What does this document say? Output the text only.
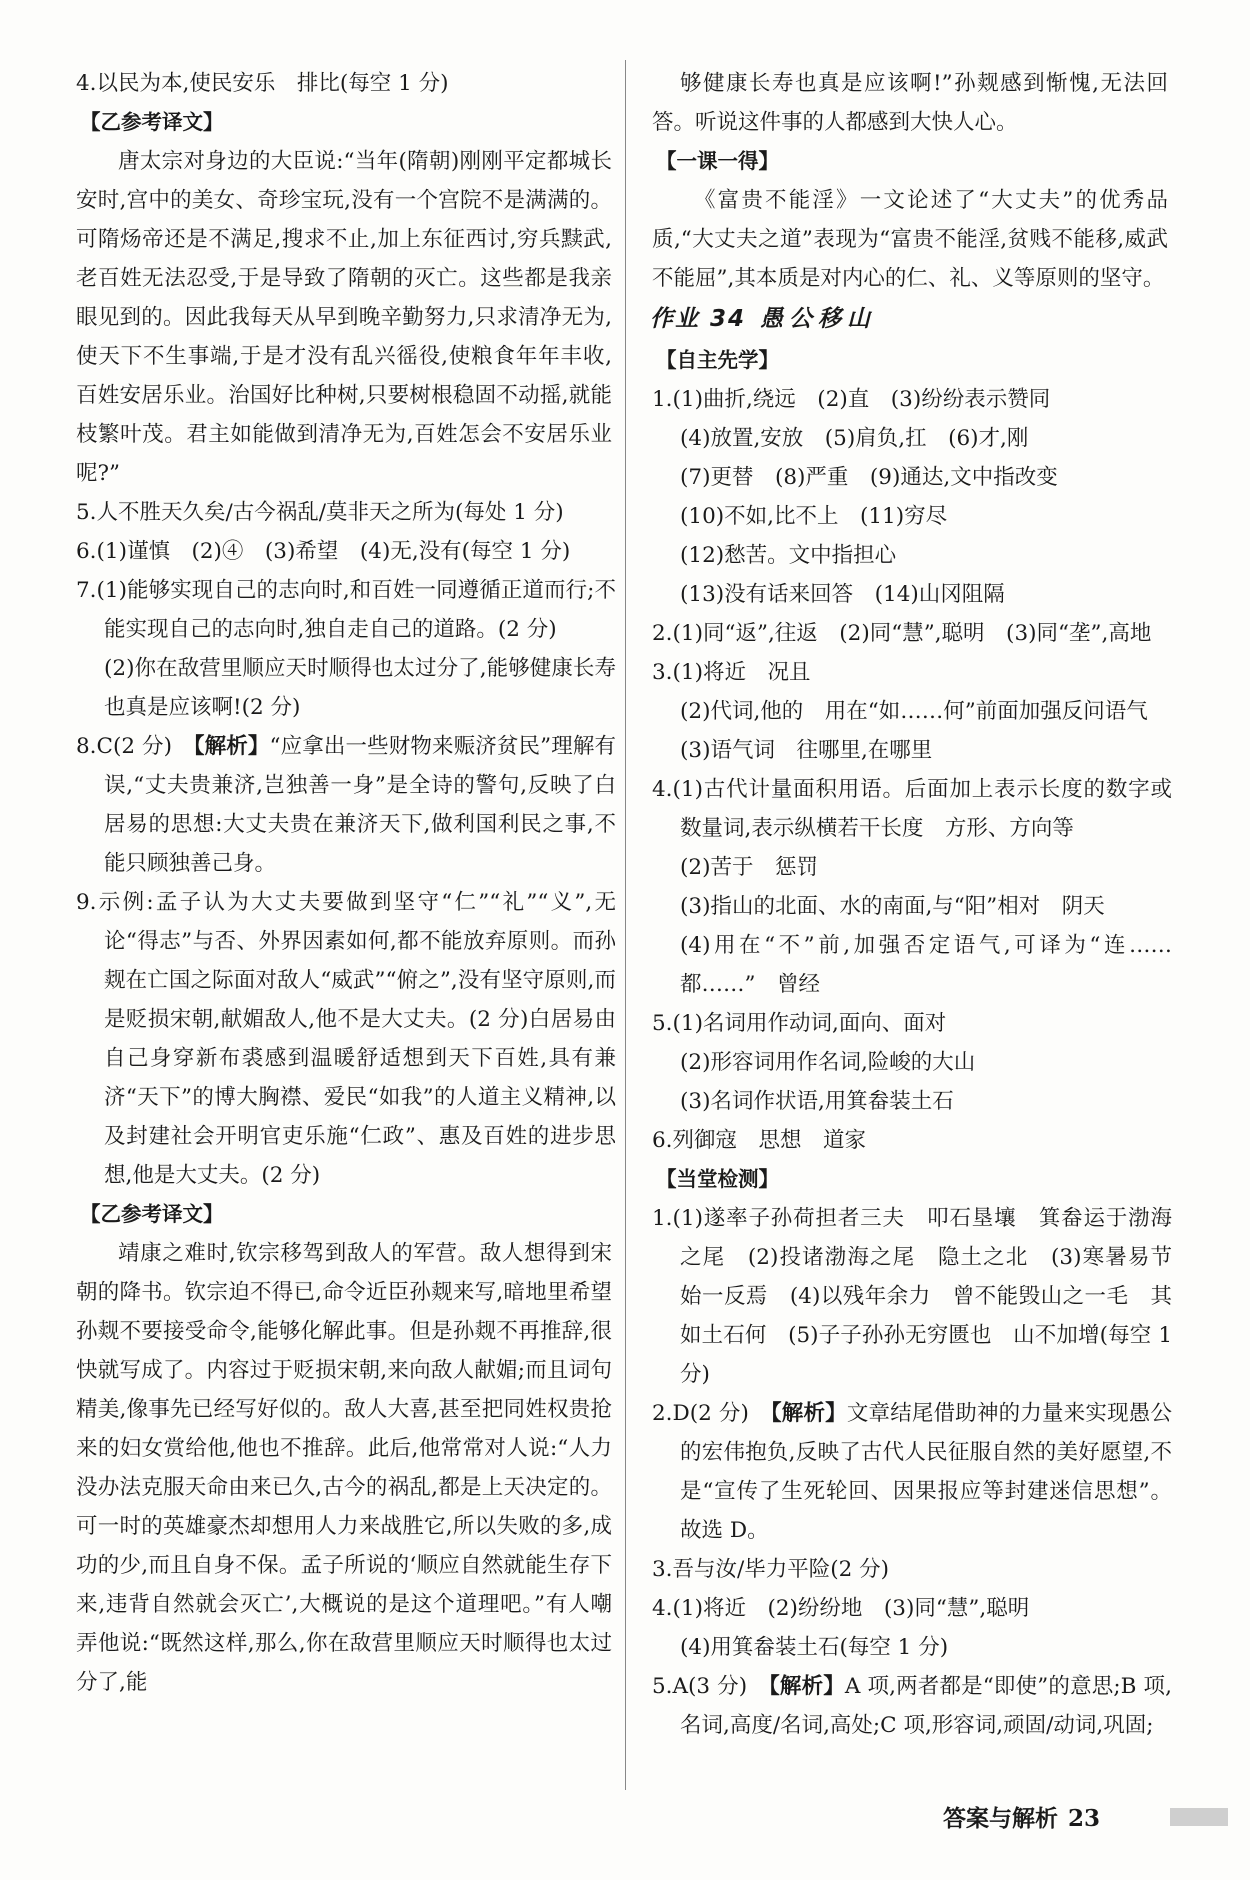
4.以民为本,使民安乐　排比(每空 1 分)

【乙参考译文】

唐太宗对身边的大臣说:“当年(隋朝)刚刚平定都城长安时,宫中的美女、奇珍宝玩,没有一个宫院不是满满的。可隋炀帝还是不满足,搜求不止,加上东征西讨,穷兵黩武,老百姓无法忍受,于是导致了隋朝的灭亡。这些都是我亲眼见到的。因此我每天从早到晚辛勤努力,只求清净无为,使天下不生事端,于是才没有乱兴徭役,使粮食年年丰收,百姓安居乐业。治国好比种树,只要树根稳固不动摇,就能枝繁叶茂。君主如能做到清净无为,百姓怎会不安居乐业呢?”

5.人不胜天久矣/古今祸乱/莫非天之所为(每处 1 分)

6.(1)谨慎　(2)④　(3)希望　(4)无,没有(每空 1 分)

7.(1)能够实现自己的志向时,和百姓一同遵循正道而行;不能实现自己的志向时,独自走自己的道路。(2 分)

(2)你在敌营里顺应天时顺得也太过分了,能够健康长寿也真是应该啊!(2 分)

8.C(2 分)　【解析】“应拿出一些财物来赈济贫民”理解有误,“丈夫贵兼济,岂独善一身”是全诗的警句,反映了白居易的思想:大丈夫贵在兼济天下,做利国利民之事,不能只顾独善己身。

9.示例:孟子认为大丈夫要做到坚守“仁”“礼”“义”,无论“得志”与否、外界因素如何,都不能放弃原则。而孙觌在亡国之际面对敌人“威武”“俯之”,没有坚守原则,而是贬损宋朝,献媚敌人,他不是大丈夫。(2 分)白居易由自己身穿新布裘感到温暖舒适想到天下百姓,具有兼济“天下”的博大胸襟、爱民“如我”的人道主义精神,以及封建社会开明官吏乐施“仁政”、惠及百姓的进步思想,他是大丈夫。(2 分)

【乙参考译文】

靖康之难时,钦宗移驾到敌人的军营。敌人想得到宋朝的降书。钦宗迫不得已,命令近臣孙觌来写,暗地里希望孙觌不要接受命令,能够化解此事。但是孙觌不再推辞,很快就写成了。内容过于贬损宋朝,来向敌人献媚;而且词句精美,像事先已经写好似的。敌人大喜,甚至把同姓权贵抢来的妇女赏给他,他也不推辞。此后,他常常对人说:“人力没办法克服天命由来已久,古今的祸乱,都是上天决定的。可一时的英雄豪杰却想用人力来战胜它,所以失败的多,成功的少,而且自身不保。孟子所说的‘顺应自然就能生存下来,违背自然就会灭亡’,大概说的是这个道理吧。”有人嘲弄他说:“既然这样,那么,你在敌营里顺应天时顺得也太过分了,能

够健康长寿也真是应该啊!”孙觌感到惭愧,无法回答。听说这件事的人都感到大快人心。

【一课一得】

《富贵不能淫》一文论述了“大丈夫”的优秀品质,“大丈夫之道”表现为“富贵不能淫,贫贱不能移,威武不能屈”,其本质是对内心的仁、礼、义等原则的坚守。

作业 34 愚公移山

【自主先学】

1.(1)曲折,绕远　(2)直　(3)纷纷表示赞同

(4)放置,安放　(5)肩负,扛　(6)才,刚

(7)更替　(8)严重　(9)通达,文中指改变

(10)不如,比不上　(11)穷尽

(12)愁苦。文中指担心

(13)没有话来回答　(14)山冈阻隔

2.(1)同“返”,往返　(2)同“慧”,聪明　(3)同“垄”,高地

3.(1)将近　况且

(2)代词,他的　用在“如……何”前面加强反问语气

(3)语气词　往哪里,在哪里

4.(1)古代计量面积用语。后面加上表示长度的数字或数量词,表示纵横若干长度　方形、方向等

(2)苦于　惩罚

(3)指山的北面、水的南面,与“阳”相对　阴天

(4)用在“不”前,加强否定语气,可译为“连……都……”　曾经

5.(1)名词用作动词,面向、面对

(2)形容词用作名词,险峻的大山

(3)名词作状语,用箕畚装土石

6.列御寇　思想　道家

【当堂检测】

1.(1)遂率子孙荷担者三夫　叩石垦壤　箕畚运于渤海之尾　(2)投诸渤海之尾　隐土之北　(3)寒暑易节　始一反焉　(4)以残年余力　曾不能毁山之一毛　其如土石何　(5)子子孙孙无穷匮也　山不加增(每空 1 分)

2.D(2 分)　【解析】文章结尾借助神的力量来实现愚公的宏伟抱负,反映了古代人民征服自然的美好愿望,不是“宣传了生死轮回、因果报应等封建迷信思想”。故选 D。

3.吾与汝/毕力平险(2 分)

4.(1)将近　(2)纷纷地　(3)同“慧”,聪明

(4)用箕畚装土石(每空 1 分)

5.A(3 分)　【解析】A 项,两者都是“即使”的意思;B 项,名词,高度/名词,高处;C 项,形容词,顽固/动词,巩固;

答案与解析 23
